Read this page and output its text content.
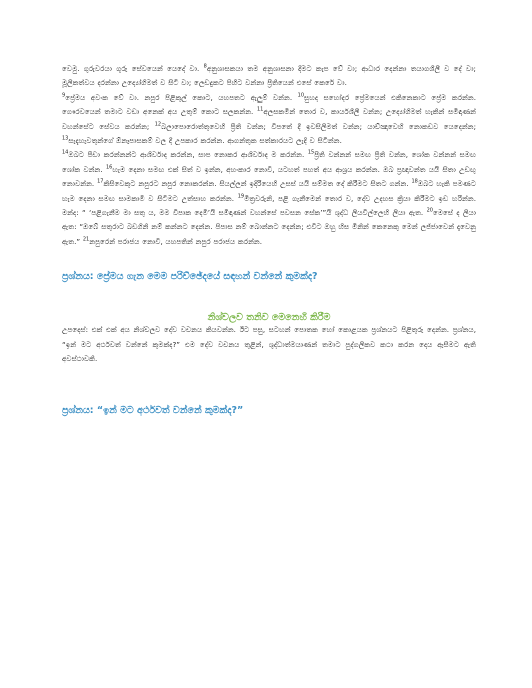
වෙමු. ගුරුවරයා ගුරු සේවයෙන් යෙදේ වා. $^8$අනුශාසකයා තම අනුශාසනා දීමට කැප වේ වා; ආධාර දෙන්නා තයාගශීලී ව දේ වා; මූලිකත්වය දරන්නා උද්‍යෝගිමත් ව සිටී වා; ලෙඩදුකට පිහිට වන්නා ප්‍රීතියෙන් එසේ කෙරේ වා.

$^9$ප්‍රේමය අවංක වේ වා. නපුර පිළිකුල් කොට, යහපතට ඇලුම් වන්න. $^{10}$සුහද සහෝදර ප්‍රේමයෙන් එකිනෙකාට ප්‍රේම කරන්න. ගෞරවයෙන් තමාට වඩා අනෙක් අය උතුම් කොට සලකන්න. $^{11}$අලසකමින් තොර ව, කාර්යශීලී වන්න; උද්‍යෝගිමත් හැකින් සමිඳාණන් වහන්සේට සේවය කරන්න; $^{12}$බලාපොරොත්තුවෙහි ප්‍රීති වන්න; විපතේ දී ඉවසිලිමත් වන්න; යාච්ඤාවෙහි නොකඩව යෙදෙන්න; $^{13}$සැදැහැවතුන්ගේ ඕනෑපාසකම් වල දී උපකාර කරන්න. ආගන්තුක සත්කාරයට ලැදි ව සිටින්න.

$^{14}$ඔබට පීඩා කරන්නන්ට ආශිර්වාද කරන්න, සාප නොකර ආශිර්වාද ම කරන්න. $^{15}$ප්‍රීති වන්නන් සමඟ ප්‍රීති වන්න, ශෝක වන්නන් සමඟ ශෝක වන්න. $^{16}$හැම දෙනා සමඟ එක් සිත් ව ඉන්න, අහංකාර නොවී, යටහත් පහත් අය ආශ්‍රය කරන්න. ඔබ ප්‍රඥාවන්ත යයි සිතා උඩඟු නොවන්න. $^{17}$කිසිවෙකුට නපුරට නපුර නොකරන්න. සියල්ලන් ඉදිරියෙහි උසස් යයි සම්මත දේ කිරීමට සිතට ගන්න. $^{18}$ඔබට හැකි පමණට හැම දෙනා සමඟ සාමකාමී ව සිටීමට උත්සාහ කරන්න. $^{19}$මිත්‍රවරුනි, පළි ගැනීමෙන් තොර ව, දේව උදහස ක්‍රියා කිරීමට ඉඩ හරින්න. මන්ද: “ ‘පළිගැනීම මා සතු ය, මම විපාක දෙමි’යි සමිඳාණන් වහන්සේ පවසන සේක’”යි ශුද්ධ ලියවිල්ලෙහි ලියා ඇත. $^{20}$මෙසේ ද ලියා ඇත: “ඔබේ සතුරාට බඩගිනි නම් කන්නට දෙන්න. පිපාස නම් බොන්නට දෙන්න; එවිට ඔහු හිස මිනින් කෙනෙකු මෙන් ලජ්ජාවෙන් දැවෙනු ඇත.” $^{21}$නපුරෙන් පරාජය නොවී, යහපතින් නපුර පරාජය කරන්න.

ප්‍රශ්නය: ප්‍රේමය ගැන මෙම පරිච්ඡේදයේ සඳහන් වන්නේ කුමක්ද?

නිශ්චලව තනිව මෙනෙහි කිරීම

උපදෙස්: එක් එක් අය නිශ්චලව දේව වචනය කියවන්න. ඊට පසු, සටහන් පොතක හෝ කොළයක ප්‍රශ්නයට පිළිතුරු දෙන්න. ප්‍රශ්නය, “ඉන් මට අර්ථවත් වන්නේ කුමක්ද?” එම දේව වචනය තුළින්, ශුද්ධාත්මයාණන් තමාට පුද්ගලිකව කථා කරන දෙය ඇසීමට ඇති අවස්ථාවකි.

ප්‍රශ්නය: “ඉන් මට අර්ථවත් වන්නේ කුමක්ද?”
